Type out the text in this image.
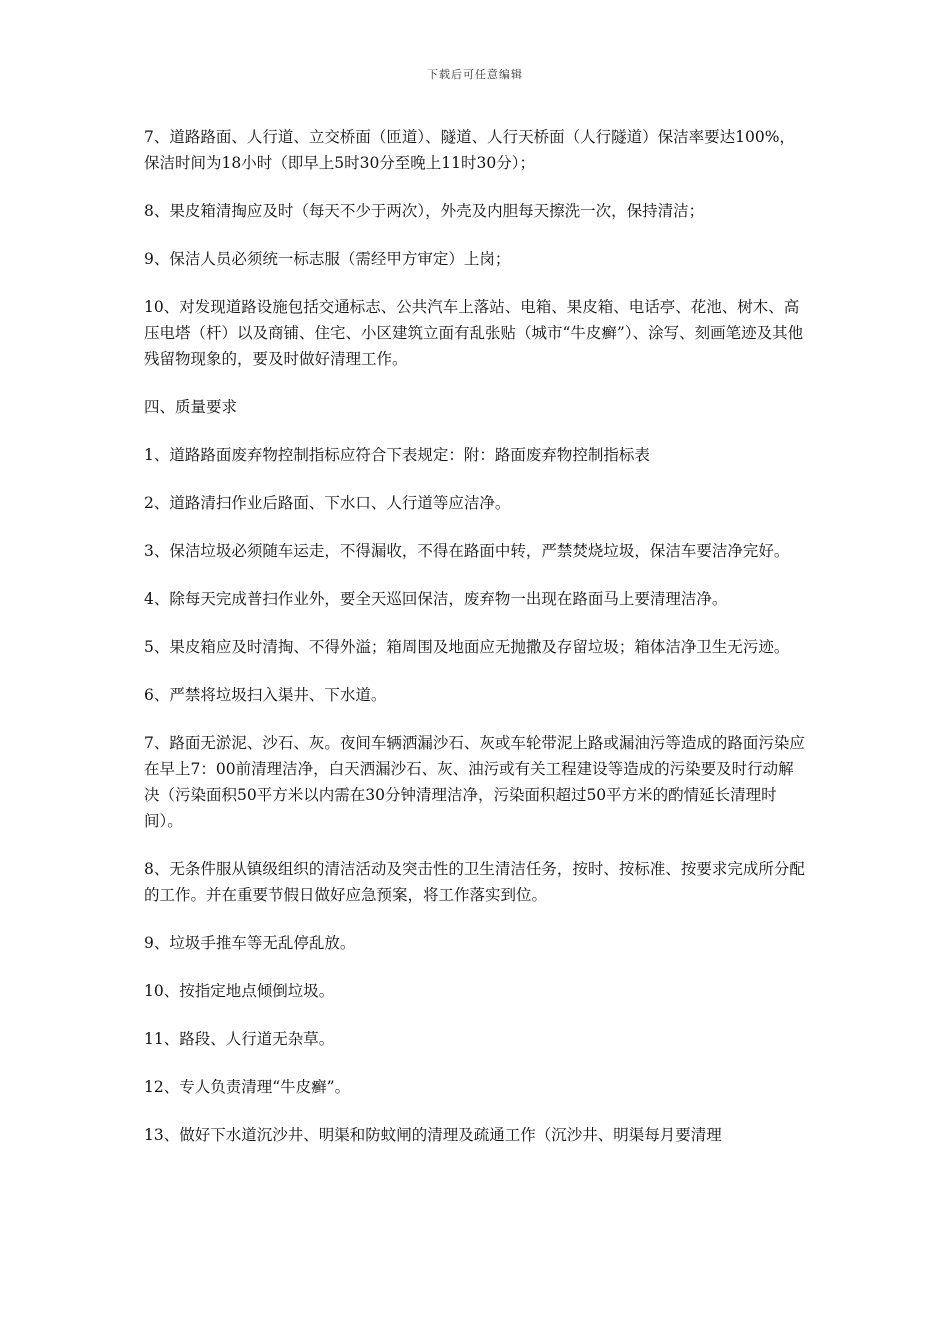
下载后可任意编辑

7、道路路面、人行道、立交桥面（匝道）、隧道、人行天桥面（人行隧道）保洁率要达100%，保洁时间为18小时（即早上5时30分至晚上11时30分）；

8、果皮箱清掏应及时（每天不少于两次），外壳及内胆每天擦洗一次，保持清洁；

9、保洁人员必须统一标志服（需经甲方审定）上岗；

10、对发现道路设施包括交通标志、公共汽车上落站、电箱、果皮箱、电话亭、花池、树木、高压电塔（杆）以及商铺、住宅、小区建筑立面有乱张贴（城市“牛皮癣”）、涂写、刻画笔迹及其他残留物现象的，要及时做好清理工作。

四、质量要求

1、道路路面废弃物控制指标应符合下表规定：附：路面废弃物控制指标表

2、道路清扫作业后路面、下水口、人行道等应洁净。

3、保洁垃圾必须随车运走，不得漏收，不得在路面中转，严禁焚烧垃圾，保洁车要洁净完好。

4、除每天完成普扫作业外，要全天巡回保洁，废弃物一出现在路面马上要清理洁净。

5、果皮箱应及时清掏、不得外溢；箱周围及地面应无抛撒及存留垃圾；箱体洁净卫生无污迹。

6、严禁将垃圾扫入渠井、下水道。

7、路面无淤泥、沙石、灰。夜间车辆洒漏沙石、灰或车轮带泥上路或漏油污等造成的路面污染应在早上7：00前清理洁净，白天洒漏沙石、灰、油污或有关工程建设等造成的污染要及时行动解决（污染面积50平方米以内需在30分钟清理洁净，污染面积超过50平方米的酌情延长清理时间）。

8、无条件服从镇级组织的清洁活动及突击性的卫生清洁任务，按时、按标准、按要求完成所分配的工作。并在重要节假日做好应急预案，将工作落实到位。

9、垃圾手推车等无乱停乱放。

10、按指定地点倾倒垃圾。

11、路段、人行道无杂草。

12、专人负责清理“牛皮癣”。

13、做好下水道沉沙井、明渠和防蚊闸的清理及疏通工作（沉沙井、明渠每月要清理
